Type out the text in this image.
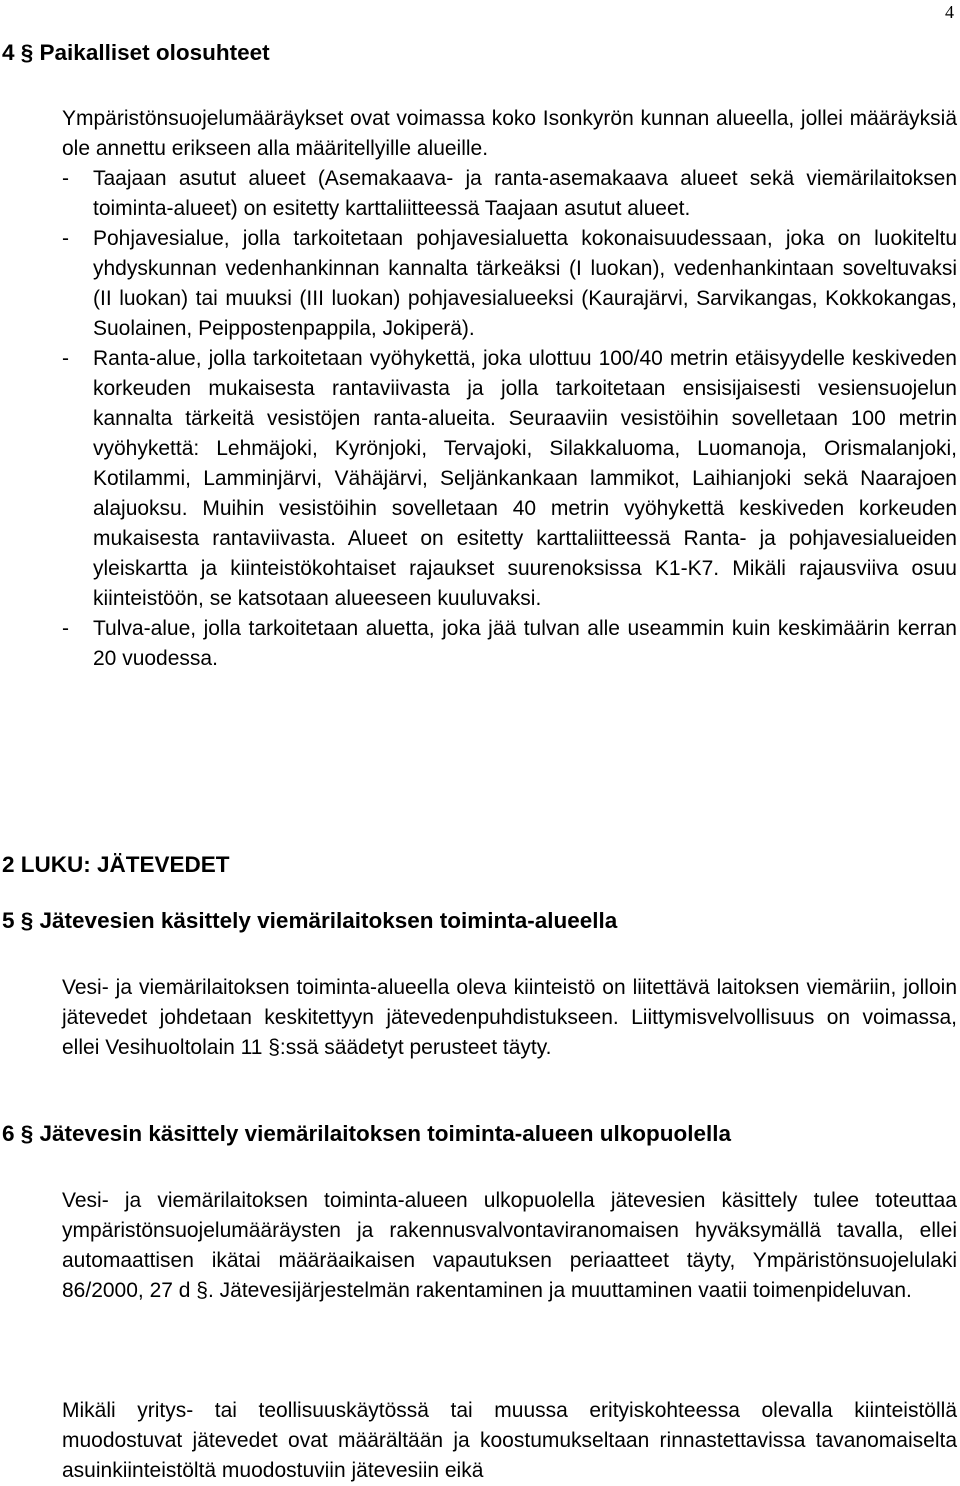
4
4 § Paikalliset olosuhteet
Ympäristönsuojelumääräykset ovat voimassa koko Isonkyrön kunnan alueella, jollei määräyksiä ole annettu erikseen alla määritellyille alueille.
- Taajaan asutut alueet (Asemakaava- ja ranta-asemakaava alueet sekä viemärilaitoksen toiminta-alueet) on esitetty karttaliitteessä Taajaan asutut alueet.
- Pohjavesialue, jolla tarkoitetaan pohjavesialuetta kokonaisuudessaan, joka on luokiteltu yhdyskunnan vedenhankinnan kannalta tärkeäksi (I luokan), vedenhankintaan soveltuvaksi (II luokan) tai muuksi (III luokan) pohjavesialueeksi (Kaurajärvi, Sarvikangas, Kokkokangas, Suolainen, Peippostenpappila, Jokiperä).
- Ranta-alue, jolla tarkoitetaan vyöhykettä, joka ulottuu 100/40 metrin etäisyydelle keskiveden korkeuden mukaisesta rantaviivasta ja jolla tarkoitetaan ensisijaisesti vesiensuojelun kannalta tärkeitä vesistöjen ranta-alueita. Seuraaviin vesistöihin sovelletaan 100 metrin vyöhykettä: Lehmäjoki, Kyrönjoki, Tervajoki, Silakkaluoma, Luomanoja, Orismalanjoki, Kotilammi, Lamminjärvi, Vähäjärvi, Seljänkankaan lammikot, Laihianjoki sekä Naarajoen alajuoksu. Muihin vesistöihin sovelletaan 40 metrin vyöhykettä keskiveden korkeuden mukaisesta rantaviivasta. Alueet on esitetty karttaliitteessä Ranta- ja pohjavesialueiden yleiskartta ja kiinteistökohtaiset rajaukset suurenoksissa K1-K7. Mikäli rajausviiva osuu kiinteistöön, se katsotaan alueeseen kuuluvaksi.
- Tulva-alue, jolla tarkoitetaan aluetta, joka jää tulvan alle useammin kuin keskimäärin kerran 20 vuodessa.
2 LUKU: JÄTEVEDET
5 § Jätevesien käsittely viemärilaitoksen toiminta-alueella
Vesi- ja viemärilaitoksen toiminta-alueella oleva kiinteistö on liitettävä laitoksen viemäriin, jolloin jätevedet johdetaan keskitettyyn jätevedenpuhdistukseen. Liittymisvelvollisuus on voimassa, ellei Vesihuoltolain 11 §:ssä säädetyt perusteet täyty.
6 § Jätevesin käsittely viemärilaitoksen toiminta-alueen ulkopuolella
Vesi- ja viemärilaitoksen toiminta-alueen ulkopuolella jätevesien käsittely tulee toteuttaa ympäristönsuojelumääräysten ja rakennusvalvontaviranomaisen hyväksymällä tavalla, ellei automaattisen ikätai määräaikaisen vapautuksen periaatteet täyty, Ympäristönsuojelulaki 86/2000, 27 d §. Jätevesijärjestelmän rakentaminen ja muuttaminen vaatii toimenpideluvan.
Mikäli yritys- tai teollisuuskäytössä tai muussa erityiskohteessa olevalla kiinteistöllä muodostuvat jätevedet ovat määrältään ja koostumukseltaan rinnastettavissa tavanomaiselta asuinkiinteistöltä muodostuviin jätevesiin eikä
